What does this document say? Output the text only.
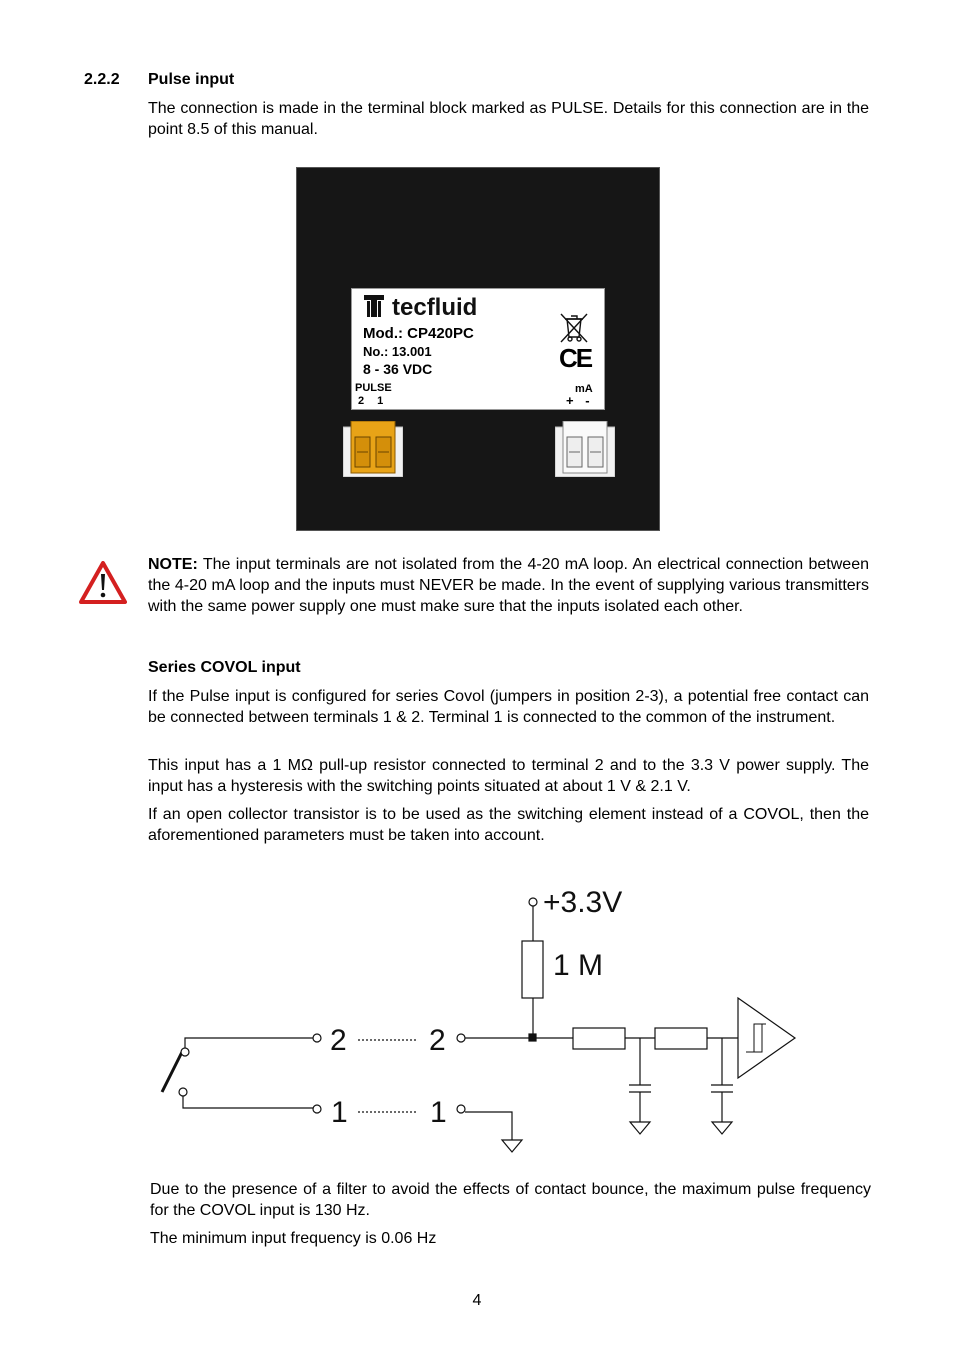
2.2.2 Pulse input
The connection is made in the terminal block marked as PULSE. Details for this connection are in the point 8.5 of this manual.
tecfluid
Mod.: CP420PC
No.: 13.001
8 - 36 VDC
PULSE
2 1
mA
+ -
CE
NOTE: The input terminals are not isolated from the 4-20 mA loop. An electrical connection between the 4-20 mA loop and the inputs must NEVER be made. In the event of supplying various transmitters with the same power supply one must make sure that the inputs isolated each other.
Series COVOL input
If the Pulse input is configured for series Covol (jumpers in position 2-3), a potential free contact can be connected between terminals 1 & 2. Terminal 1 is connected to the common of the instrument.
This input has a 1 MΩ pull-up resistor connected to terminal 2 and to the 3.3 V power supply. The input has a hysteresis with the switching points situated at about 1 V & 2.1 V.
If an open collector transistor is to be used as the switching element instead of a COVOL, then the aforementioned parameters must be taken into account.
+3.3V
1 M
2	2
1	1
Due to the presence of a filter to avoid the effects of contact bounce, the maximum pulse frequency for the COVOL input is 130 Hz.
The minimum input frequency is 0.06 Hz
4
